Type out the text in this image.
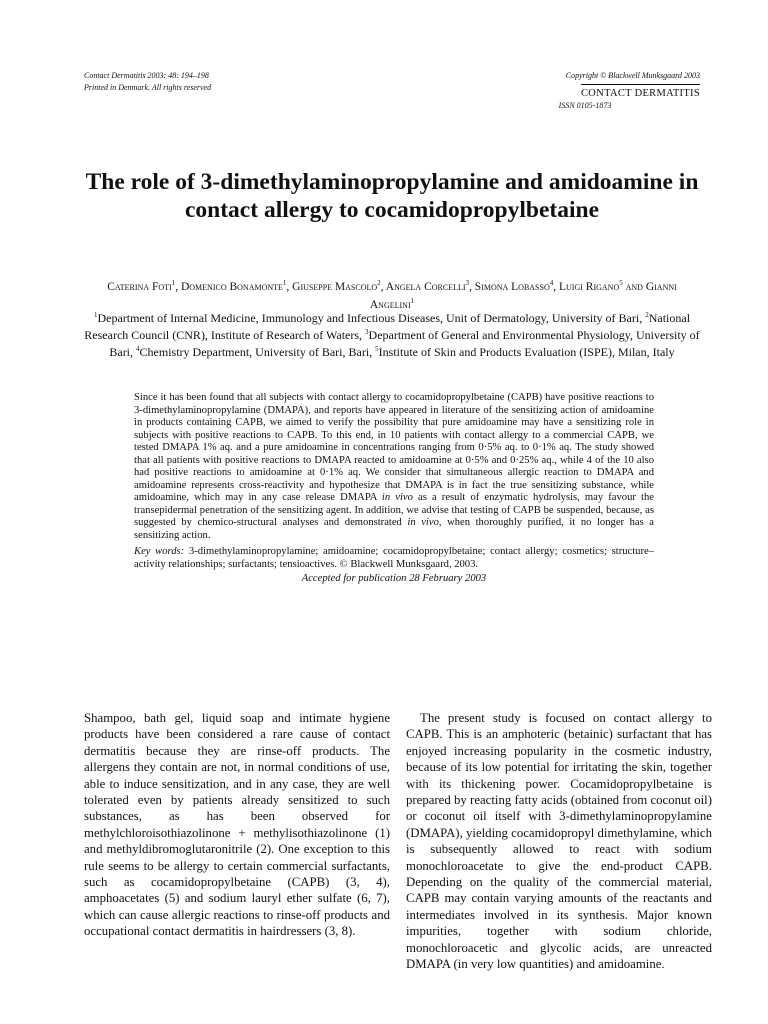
Contact Dermatitis 2003: 48: 194–198
Printed in Denmark. All rights reserved
Copyright © Blackwell Munksgaard 2003
CONTACT DERMATITIS
ISSN 0105-1873
The role of 3-dimethylaminopropylamine and amidoamine in contact allergy to cocamidopropylbetaine
Caterina Foti$^1$, Domenico Bonamonte$^1$, Giuseppe Mascolo$^2$, Angela Corcelli$^3$, Simona Lobasso$^4$, Luigi Rigano$^5$ and Gianni Angelini$^1$
$^1$Department of Internal Medicine, Immunology and Infectious Diseases, Unit of Dermatology, University of Bari, $^2$National Research Council (CNR), Institute of Research of Waters, $^3$Department of General and Environmental Physiology, University of Bari, $^4$Chemistry Department, University of Bari, Bari, $^5$Institute of Skin and Products Evaluation (ISPE), Milan, Italy

Since it has been found that all subjects with contact allergy to cocamidopropylbetaine (CAPB) have positive reactions to 3-dimethylaminopropylamine (DMAPA), and reports have appeared in literature of the sensitizing action of amidoamine in products containing CAPB, we aimed to verify the possibility that pure amidoamine may have a sensitizing role in subjects with positive reactions to CAPB. To this end, in 10 patients with contact allergy to a commercial CAPB, we tested DMAPA 1% aq. and a pure amidoamine in concentrations ranging from 0·5% aq. to 0·1% aq. The study showed that all patients with positive reactions to DMAPA reacted to amidoamine at 0·5% and 0·25% aq., while 4 of the 10 also had positive reactions to amidoamine at 0·1% aq. We consider that simultaneous allergic reaction to DMAPA and amidoamine represents cross-reactivity and hypothesize that DMAPA is in fact the true sensitizing substance, while amidoamine, which may in any case release DMAPA in vivo as a result of enzymatic hydrolysis, may favour the transepidermal penetration of the sensitizing agent. In addition, we advise that testing of CAPB be suspended, because, as suggested by chemico-structural analyses and demonstrated in vivo, when thoroughly purified, it no longer has a sensitizing action.

Key words: 3-dimethylaminopropylamine; amidoamine; cocamidopropylbetaine; contact allergy; cosmetics; structure–activity relationships; surfactants; tensioactives. © Blackwell Munksgaard, 2003.

Accepted for publication 28 February 2003

Shampoo, bath gel, liquid soap and intimate hygiene products have been considered a rare cause of contact dermatitis because they are rinse-off products. The allergens they contain are not, in normal conditions of use, able to induce sensitization, and in any case, they are well tolerated even by patients already sensitized to such substances, as has been observed for methylchloroisothiazolinone + methylisothiazolinone (1) and methyldibromoglutaronitrile (2). One exception to this rule seems to be allergy to certain commercial surfactants, such as cocamidopropylbetaine (CAPB) (3, 4), amphoacetates (5) and sodium lauryl ether sulfate (6, 7), which can cause allergic reactions to rinse-off products and occupational contact dermatitis in hairdressers (3, 8).

The present study is focused on contact allergy to CAPB. This is an amphoteric (betainic) surfactant that has enjoyed increasing popularity in the cosmetic industry, because of its low potential for irritating the skin, together with its thickening power. Cocamidopropylbetaine is prepared by reacting fatty acids (obtained from coconut oil) or coconut oil itself with 3-dimethylaminopropylamine (DMAPA), yielding cocamidopropyl dimethylamine, which is subsequently allowed to react with sodium monochloroacetate to give the end-product CAPB. Depending on the quality of the commercial material, CAPB may contain varying amounts of the reactants and intermediates involved in its synthesis. Major known impurities, together with sodium chloride, monochloroacetic and glycolic acids, are unreacted DMAPA (in very low quantities) and amidoamine.
